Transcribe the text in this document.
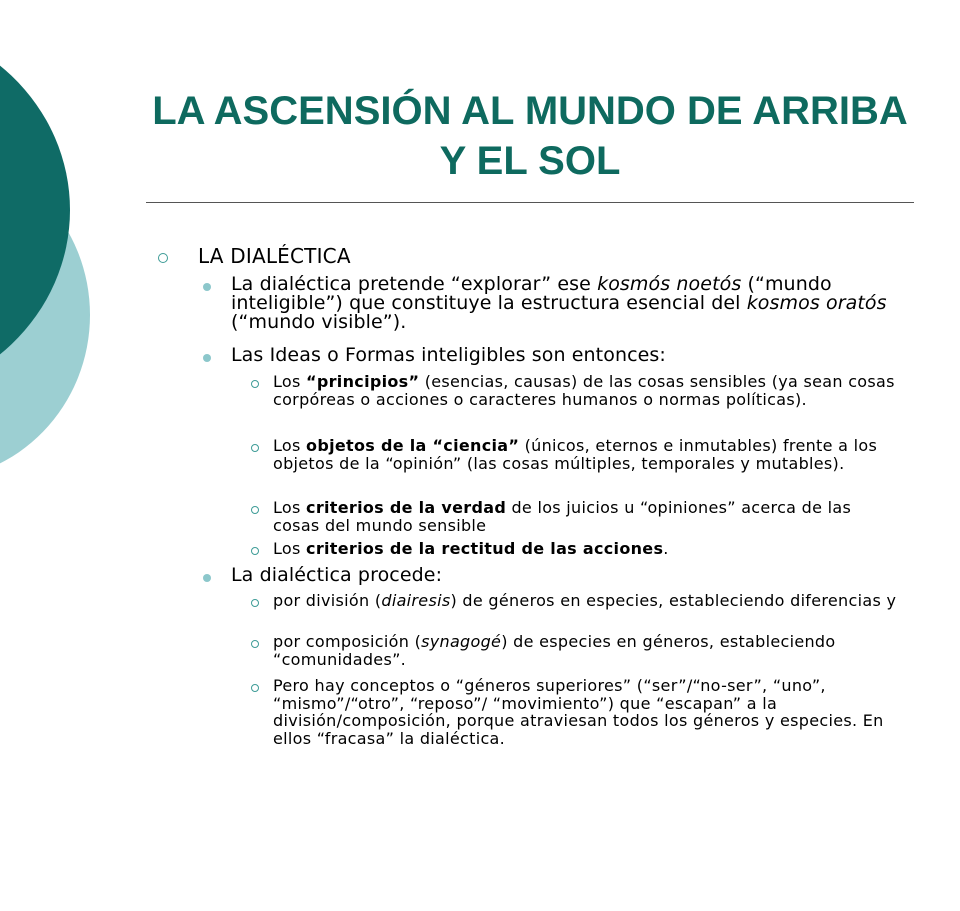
LA ASCENSIÓN AL MUNDO DE ARRIBA Y EL SOL
LA DIALÉCTICA
La dialéctica pretende “explorar” ese kosmós noetós (“mundo inteligible”) que constituye la estructura esencial del kosmos oratós (“mundo visible”).
Las Ideas o Formas inteligibles son entonces:
Los “principios” (esencias, causas) de las cosas sensibles (ya sean cosas corpóreas o acciones o caracteres humanos o normas políticas).
Los objetos de la “ciencia” (únicos, eternos e inmutables) frente a los objetos de la “opinión” (las cosas múltiples, temporales y mutables).
Los criterios de la verdad de los juicios u “opiniones” acerca de las cosas del mundo sensible
Los criterios de la rectitud de las acciones.
La dialéctica procede:
por división (diairesis) de géneros en especies, estableciendo diferencias y
por composición (synagogé) de especies en géneros, estableciendo “comunidades”.
Pero hay conceptos o “géneros superiores” (“ser”/“no-ser”, “uno”, “mismo”/“otro”, “reposo”/ “movimiento”) que “escapan” a la división/composición, porque atraviesan todos los géneros y especies. En ellos “fracasa” la dialéctica.
